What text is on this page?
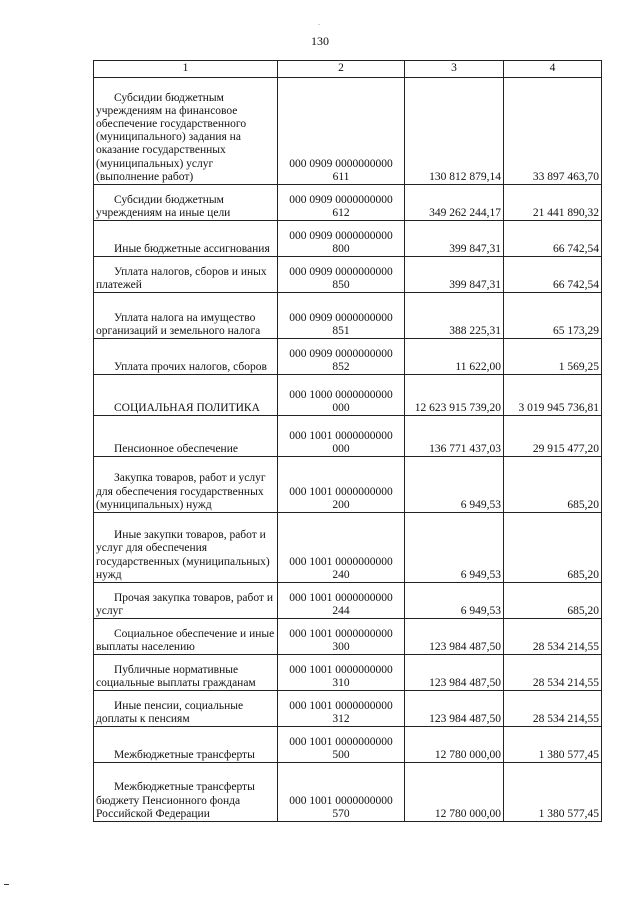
.
130
1	2	3	4
Субсидии бюджетным учреждениям на финансовое обеспечение государственного (муниципального) задания на оказание государственных (муниципальных) услуг (выполнение работ)	000 0909 0000000000 611	130 812 879,14	33 897 463,70
Субсидии бюджетным учреждениям на иные цели	000 0909 0000000000 612	349 262 244,17	21 441 890,32
Иные бюджетные ассигнования	000 0909 0000000000 800	399 847,31	66 742,54
Уплата налогов, сборов и иных платежей	000 0909 0000000000 850	399 847,31	66 742,54
Уплата налога на имущество организаций и земельного налога	000 0909 0000000000 851	388 225,31	65 173,29
Уплата прочих налогов, сборов	000 0909 0000000000 852	11 622,00	1 569,25
СОЦИАЛЬНАЯ ПОЛИТИКА	000 1000 0000000000 000	12 623 915 739,20	3 019 945 736,81
Пенсионное обеспечение	000 1001 0000000000 000	136 771 437,03	29 915 477,20
Закупка товаров, работ и услуг для обеспечения государственных (муниципальных) нужд	000 1001 0000000000 200	6 949,53	685,20
Иные закупки товаров, работ и услуг для обеспечения государственных (муниципальных) нужд	000 1001 0000000000 240	6 949,53	685,20
Прочая закупка товаров, работ и услуг	000 1001 0000000000 244	6 949,53	685,20
Социальное обеспечение и иные выплаты населению	000 1001 0000000000 300	123 984 487,50	28 534 214,55
Публичные нормативные социальные выплаты гражданам	000 1001 0000000000 310	123 984 487,50	28 534 214,55
Иные пенсии, социальные доплаты к пенсиям	000 1001 0000000000 312	123 984 487,50	28 534 214,55
Межбюджетные трансферты	000 1001 0000000000 500	12 780 000,00	1 380 577,45
Межбюджетные трансферты бюджету Пенсионного фонда Российской Федерации	000 1001 0000000000 570	12 780 000,00	1 380 577,45
